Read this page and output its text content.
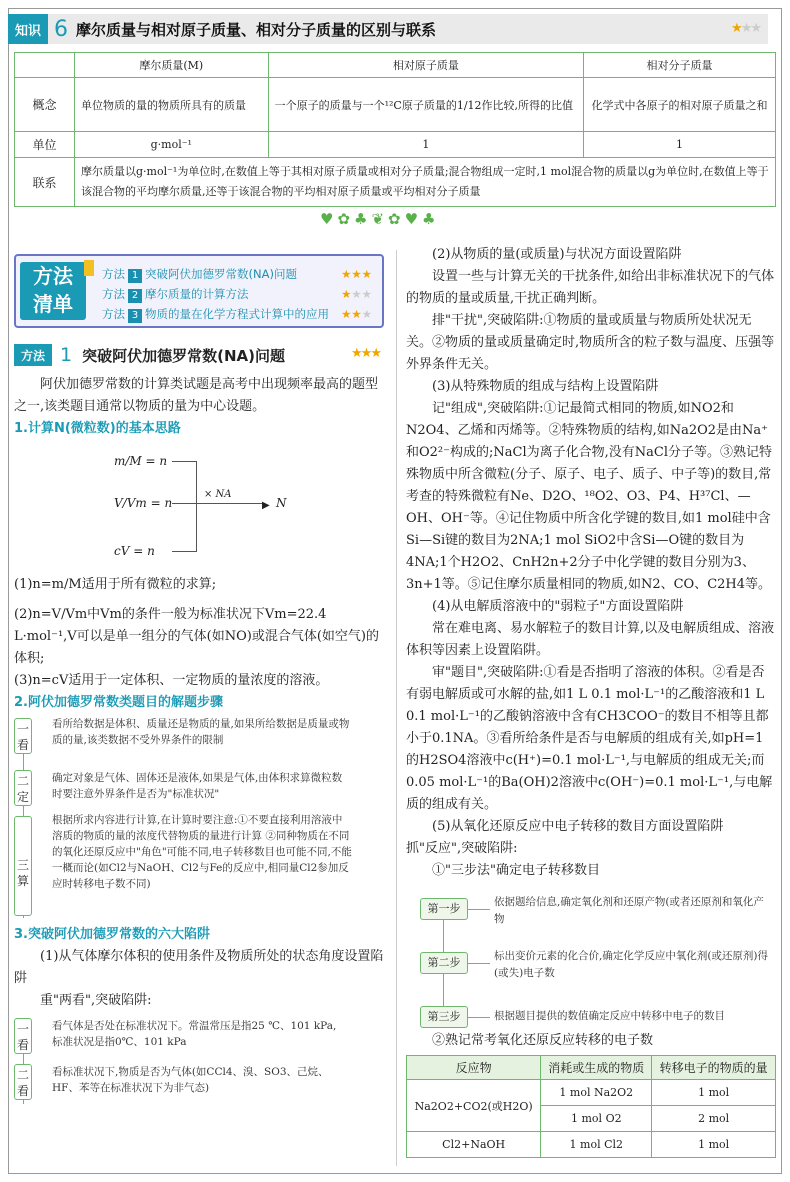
知识 6 摩尔质量与相对原子质量、相对分子质量的区别与联系	★★★
	摩尔质量(M)	相对原子质量	相对分子质量
概念	单位物质的量的物质所具有的质量	一个原子的质量与一个¹²C原子质量的1/12作比较,所得的比值	化学式中各原子的相对原子质量之和
单位	g·mol⁻¹	1	1
联系	摩尔质量以g·mol⁻¹为单位时,在数值上等于其相对原子质量或相对分子质量;混合物组成一定时,1 mol混合物的质量以g为单位时,在数值上等于该混合物的平均摩尔质量,还等于该混合物的平均相对原子质量或平均相对分子质量		
♥✿♣❦✿♥♣
方法
清单
方法 1 突破阿伏加德罗常数(NA)问题	★★★
方法 2 摩尔质量的计算方法	★★★
方法 3 物质的量在化学方程式计算中的应用 ★★★
方法 1 突破阿伏加德罗常数(NA)问题	★★★

阿伏加德罗常数的计算类试题是高考中出现频率最高的题型之一,该类题目通常以物质的量为中心设题。

1.计算N(微粒数)的基本思路

m/M = n
V/Vm = n
cV = n
× NA
▶ N

(1)n=m/M适用于所有微粒的求算;

(2)n=V/Vm中Vm的条件一般为标准状况下Vm=22.4 L·mol⁻¹,V可以是单一组分的气体(如NO)或混合气体(如空气)的体积;

(3)n=cV适用于一定体积、一定物质的量浓度的溶液。

2.阿伏加德罗常数类题目的解题步骤

一看
看所给数据是体积、质量还是物质的量,如果所给数据是质量或物质的量,该类数据不受外界条件的限制
二定
确定对象是气体、固体还是液体,如果是气体,由体积求算微粒数时要注意外界条件是否为"标准状况"
三算
根据所求内容进行计算,在计算时要注意:①不要直接利用溶液中溶质的物质的量的浓度代替物质的量进行计算 ②同种物质在不同的氧化还原反应中"角色"可能不同,电子转移数目也可能不同,不能一概而论(如Cl2与NaOH、Cl2与Fe的反应中,相同量Cl2参加反应时转移电子数不同)

3.突破阿伏加德罗常数的六大陷阱

(1)从气体摩尔体积的使用条件及物质所处的状态角度设置陷阱

重"两看",突破陷阱:

一看
看气体是否处在标准状况下。常温常压是指25 ℃、101 kPa,标准状况是指0℃、101 kPa
二看
看标准状况下,物质是否为气体(如CCl4、溴、SO3、己烷、HF、苯等在标准状况下为非气态)

(2)从物质的量(或质量)与状况方面设置陷阱

设置一些与计算无关的干扰条件,如给出非标准状况下的气体的物质的量或质量,干扰正确判断。

排"干扰",突破陷阱:①物质的量或质量与物质所处状况无关。②物质的量或质量确定时,物质所含的粒子数与温度、压强等外界条件无关。

(3)从特殊物质的组成与结构上设置陷阱

记"组成",突破陷阱:①记最简式相同的物质,如NO2和N2O4、乙烯和丙烯等。②特殊物质的结构,如Na2O2是由Na⁺和O2²⁻构成的;NaCl为离子化合物,没有NaCl分子等。③熟记特殊物质中所含微粒(分子、原子、电子、质子、中子等)的数目,常考查的特殊微粒有Ne、D2O、¹⁸O2、O3、P4、H³⁷Cl、—OH、OH⁻等。④记住物质中所含化学键的数目,如1 mol硅中含Si—Si键的数目为2NA;1 mol SiO2中含Si—O键的数目为4NA;1个H2O2、CnH2n+2分子中化学键的数目分别为3、3n+1等。⑤记住摩尔质量相同的物质,如N2、CO、C2H4等。

(4)从电解质溶液中的"弱粒子"方面设置陷阱

常在难电离、易水解粒子的数目计算,以及电解质组成、溶液体积等因素上设置陷阱。

审"题目",突破陷阱:①看是否指明了溶液的体积。②看是否有弱电解质或可水解的盐,如1 L 0.1 mol·L⁻¹的乙酸溶液和1 L 0.1 mol·L⁻¹的乙酸钠溶液中含有CH3COO⁻的数目不相等且都小于0.1NA。③看所给条件是否与电解质的组成有关,如pH=1的H2SO4溶液中c(H⁺)=0.1 mol·L⁻¹,与电解质的组成无关;而0.05 mol·L⁻¹的Ba(OH)2溶液中c(OH⁻)=0.1 mol·L⁻¹,与电解质的组成有关。

(5)从氧化还原反应中电子转移的数目方面设置陷阱

抓"反应",突破陷阱:

①"三步法"确定电子转移数目

第一步	依据题给信息,确定氧化剂和还原产物(或者还原剂和氧化产物
第二步	标出变价元素的化合价,确定化学反应中氧化剂(或还原剂)得(或失)电子数
第三步	根据题目提供的数值确定反应中转移中电子的数目

②熟记常考氧化还原反应转移的电子数

反应物	消耗或生成的物质	转移电子的物质的量
Na2O2+CO2(或H2O)	1 mol Na2O2	1 mol
	1 mol O2	2 mol
Cl2+NaOH	1 mol Cl2	1 mol
